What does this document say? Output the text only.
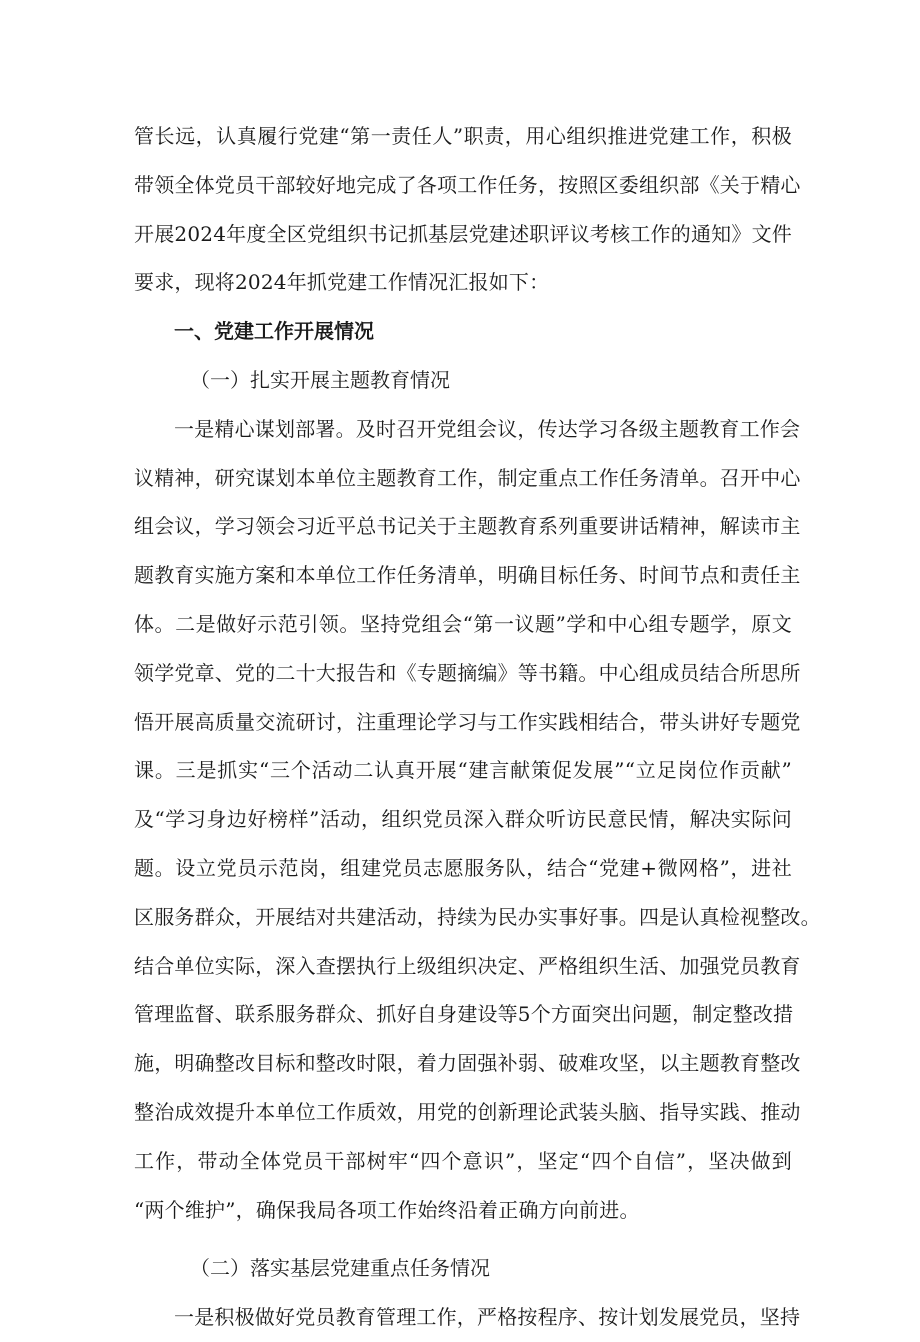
管长远，认真履行党建“第一责任人”职责，用心组织推进党建工作，积极
带领全体党员干部较好地完成了各项工作任务，按照区委组织部《关于精心
开展2024年度全区党组织书记抓基层党建述职评议考核工作的通知》文件
要求，现将2024年抓党建工作情况汇报如下：
一、党建工作开展情况
（一）扎实开展主题教育情况
一是精心谋划部署。及时召开党组会议，传达学习各级主题教育工作会
议精神，研究谋划本单位主题教育工作，制定重点工作任务清单。召开中心
组会议，学习领会习近平总书记关于主题教育系列重要讲话精神，解读市主
题教育实施方案和本单位工作任务清单，明确目标任务、时间节点和责任主
体。二是做好示范引领。坚持党组会“第一议题”学和中心组专题学，原文
领学党章、党的二十大报告和《专题摘编》等书籍。中心组成员结合所思所
悟开展高质量交流研讨，注重理论学习与工作实践相结合，带头讲好专题党
课。三是抓实“三个活动二认真开展“建言献策促发展”“立足岗位作贡献”
及“学习身边好榜样”活动，组织党员深入群众听访民意民情，解决实际问
题。设立党员示范岗，组建党员志愿服务队，结合“党建+微网格”，进社
区服务群众，开展结对共建活动，持续为民办实事好事。四是认真检视整改。
结合单位实际，深入查摆执行上级组织决定、严格组织生活、加强党员教育
管理监督、联系服务群众、抓好自身建设等5个方面突出问题，制定整改措
施，明确整改目标和整改时限，着力固强补弱、破难攻坚，以主题教育整改
整治成效提升本单位工作质效，用党的创新理论武装头脑、指导实践、推动
工作，带动全体党员干部树牢“四个意识”，坚定“四个自信”，坚决做到
“两个维护”，确保我局各项工作始终沿着正确方向前进。
（二）落实基层党建重点任务情况
一是积极做好党员教育管理工作，严格按程序、按计划发展党员，坚持
